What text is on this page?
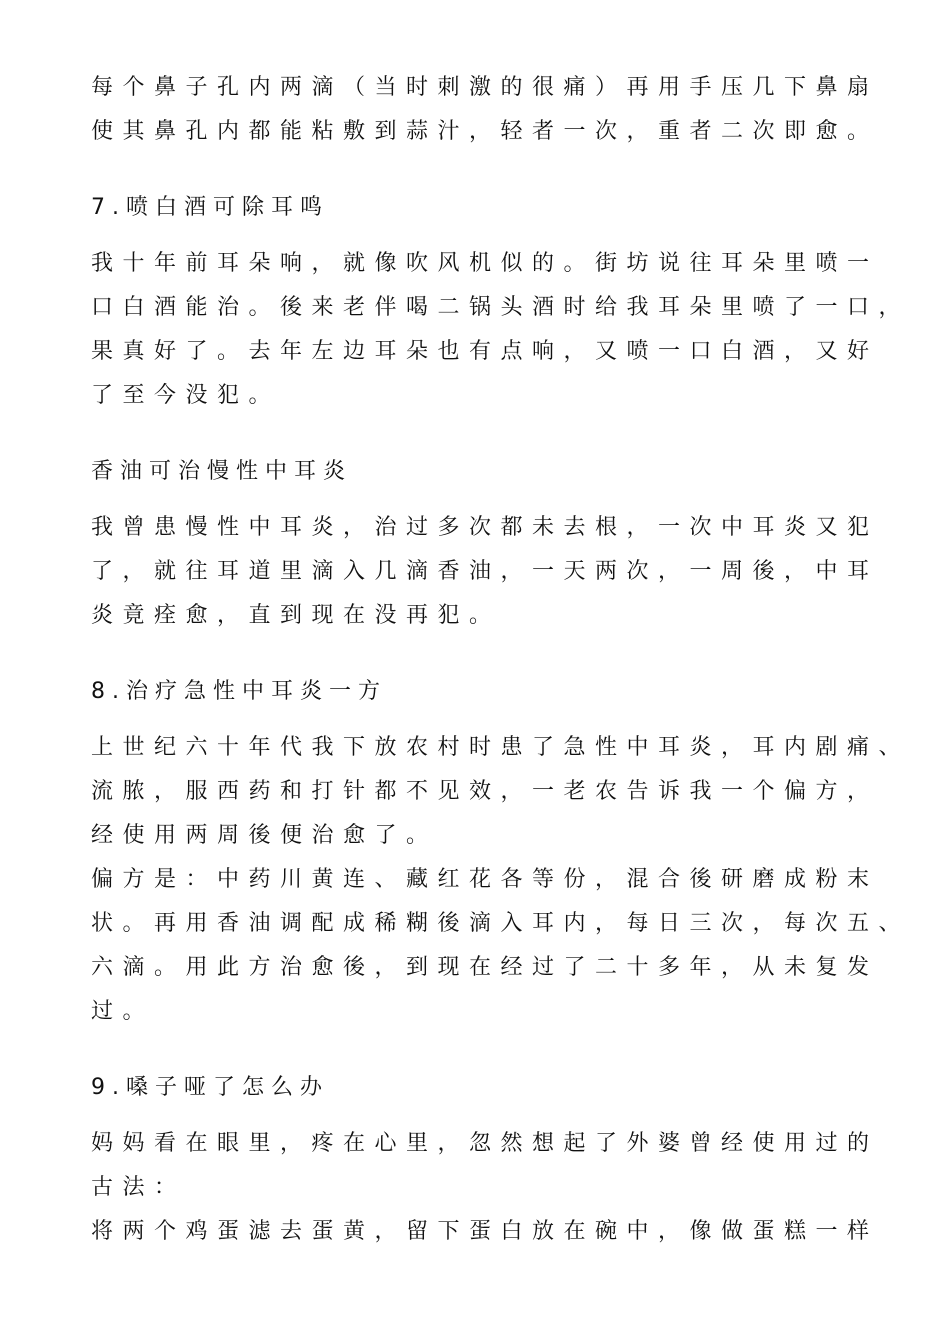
每个鼻子孔内两滴（当时刺激的很痛）再用手压几下鼻扇

使其鼻孔内都能粘敷到蒜汁，轻者一次，重者二次即愈。

7.喷白酒可除耳鸣

我十年前耳朵响，就像吹风机似的。街坊说往耳朵里喷一

口白酒能治。後来老伴喝二锅头酒时给我耳朵里喷了一口，

果真好了。去年左边耳朵也有点响，又喷一口白酒，又好

了至今没犯。

香油可治慢性中耳炎

我曾患慢性中耳炎，治过多次都未去根，一次中耳炎又犯

了，就往耳道里滴入几滴香油，一天两次，一周後，中耳

炎竟痊愈，直到现在没再犯。

8.治疗急性中耳炎一方

上世纪六十年代我下放农村时患了急性中耳炎，耳内剧痛、

流脓，服西药和打针都不见效，一老农告诉我一个偏方，

经使用两周後便治愈了。

偏方是：中药川黄连、藏红花各等份，混合後研磨成粉末

状。再用香油调配成稀糊後滴入耳内，每日三次，每次五、

六滴。用此方治愈後，到现在经过了二十多年，从未复发

过。

9.嗓子哑了怎么办

妈妈看在眼里，疼在心里，忽然想起了外婆曾经使用过的

古法：

将两个鸡蛋滤去蛋黄，留下蛋白放在碗中，像做蛋糕一样
